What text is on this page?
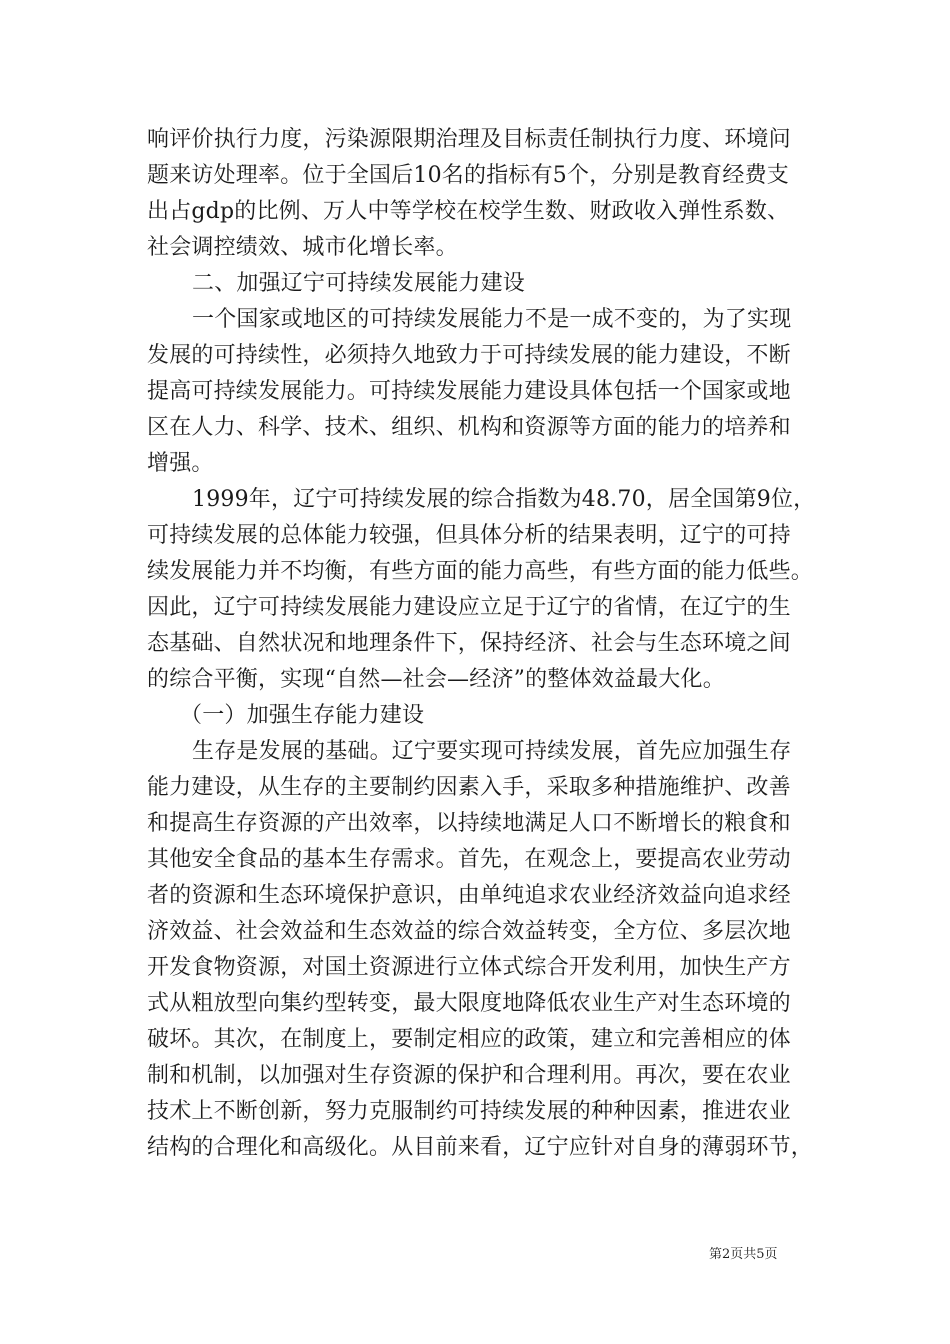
响评价执行力度，污染源限期治理及目标责任制执行力度、环境问
题来访处理率。位于全国后10名的指标有5个，分别是教育经费支
出占gdp的比例、万人中等学校在校学生数、财政收入弹性系数、
社会调控绩效、城市化增长率。
二、加强辽宁可持续发展能力建设
一个国家或地区的可持续发展能力不是一成不变的，为了实现
发展的可持续性，必须持久地致力于可持续发展的能力建设，不断
提高可持续发展能力。可持续发展能力建设具体包括一个国家或地
区在人力、科学、技术、组织、机构和资源等方面的能力的培养和
增强。
1999年，辽宁可持续发展的综合指数为48.70，居全国第9位，
可持续发展的总体能力较强，但具体分析的结果表明，辽宁的可持
续发展能力并不均衡，有些方面的能力高些，有些方面的能力低些。
因此，辽宁可持续发展能力建设应立足于辽宁的省情，在辽宁的生
态基础、自然状况和地理条件下，保持经济、社会与生态环境之间
的综合平衡，实现“自然—社会—经济”的整体效益最大化。
（一）加强生存能力建设
生存是发展的基础。辽宁要实现可持续发展，首先应加强生存
能力建设，从生存的主要制约因素入手，采取多种措施维护、改善
和提高生存资源的产出效率，以持续地满足人口不断增长的粮食和
其他安全食品的基本生存需求。首先，在观念上，要提高农业劳动
者的资源和生态环境保护意识，由单纯追求农业经济效益向追求经
济效益、社会效益和生态效益的综合效益转变，全方位、多层次地
开发食物资源，对国土资源进行立体式综合开发利用，加快生产方
式从粗放型向集约型转变，最大限度地降低农业生产对生态环境的
破坏。其次，在制度上，要制定相应的政策，建立和完善相应的体
制和机制，以加强对生存资源的保护和合理利用。再次，要在农业
技术上不断创新，努力克服制约可持续发展的种种因素，推进农业
结构的合理化和高级化。从目前来看，辽宁应针对自身的薄弱环节，
第2页共5页
